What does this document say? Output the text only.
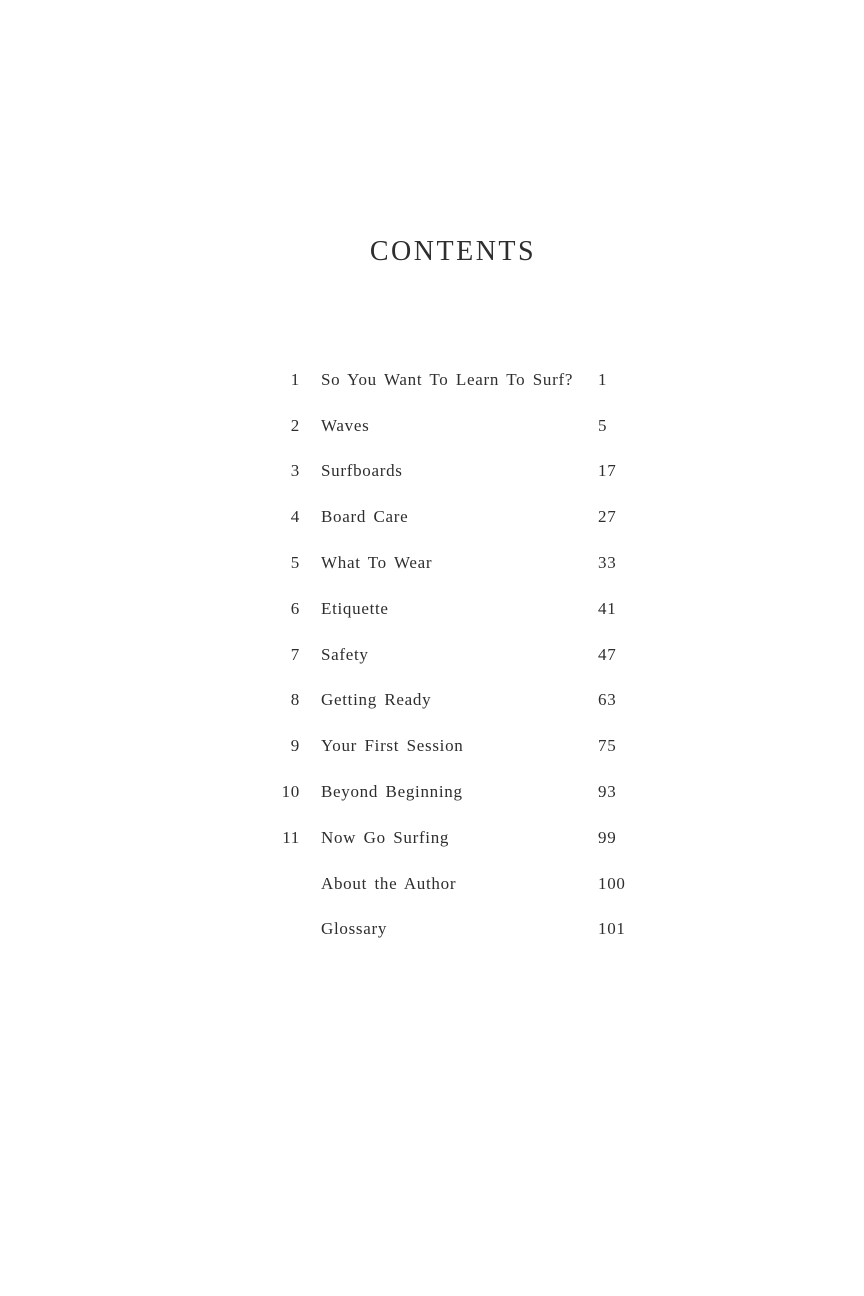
CONTENTS
1 So You Want To Learn To Surf? 1
2 Waves	5
3 Surfboards	17
4 Board Care	27
5 What To Wear	33
6 Etiquette	41
7 Safety	47
8 Getting Ready	63
9 Your First Session	75
10 Beyond Beginning	93
11 Now Go Surfing	99
About the Author	100
Glossary	101
